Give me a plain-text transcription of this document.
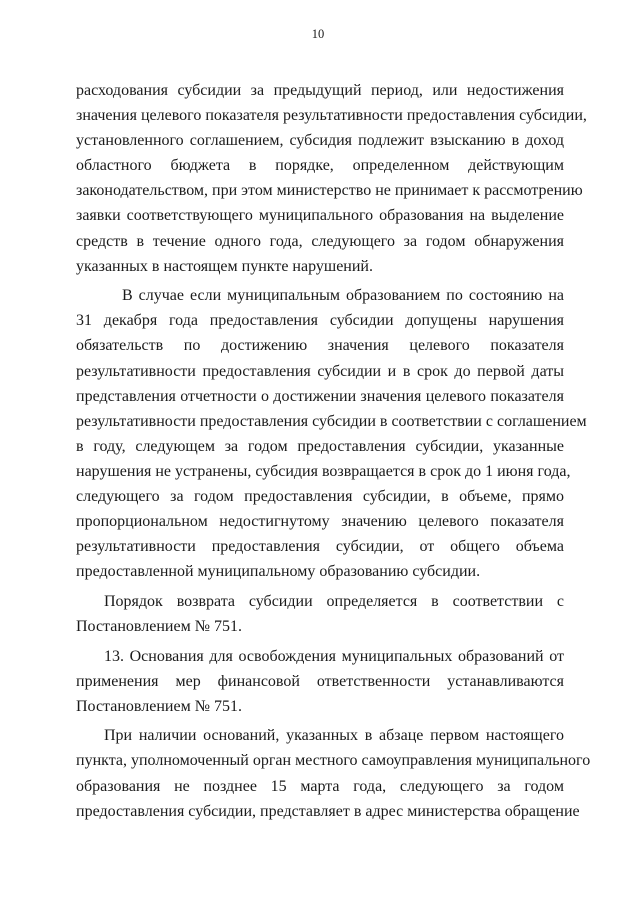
10
расходования субсидии за предыдущий период, или недостижения
значения целевого показателя результативности предоставления субсидии,
установленного соглашением, субсидия подлежит взысканию в доход
областного бюджета в порядке, определенном действующим
законодательством, при этом министерство не принимает к рассмотрению
заявки соответствующего муниципального образования на выделение
средств в течение одного года, следующего за годом обнаружения
указанных в настоящем пункте нарушений.
В случае если муниципальным образованием по состоянию на
31 декабря года предоставления субсидии допущены нарушения
обязательств по достижению значения целевого показателя
результативности предоставления субсидии и в срок до первой даты
представления отчетности о достижении значения целевого показателя
результативности предоставления субсидии в соответствии с соглашением
в году, следующем за годом предоставления субсидии, указанные
нарушения не устранены, субсидия возвращается в срок до 1 июня года,
следующего за годом предоставления субсидии, в объеме, прямо
пропорциональном недостигнутому значению целевого показателя
результативности предоставления субсидии, от общего объема
предоставленной муниципальному образованию субсидии.
Порядок возврата субсидии определяется в соответствии с
Постановлением № 751.
13. Основания для освобождения муниципальных образований от
применения мер финансовой ответственности устанавливаются
Постановлением № 751.
При наличии оснований, указанных в абзаце первом настоящего
пункта, уполномоченный орган местного самоуправления муниципального
образования не позднее 15 марта года, следующего за годом
предоставления субсидии, представляет в адрес министерства обращение
